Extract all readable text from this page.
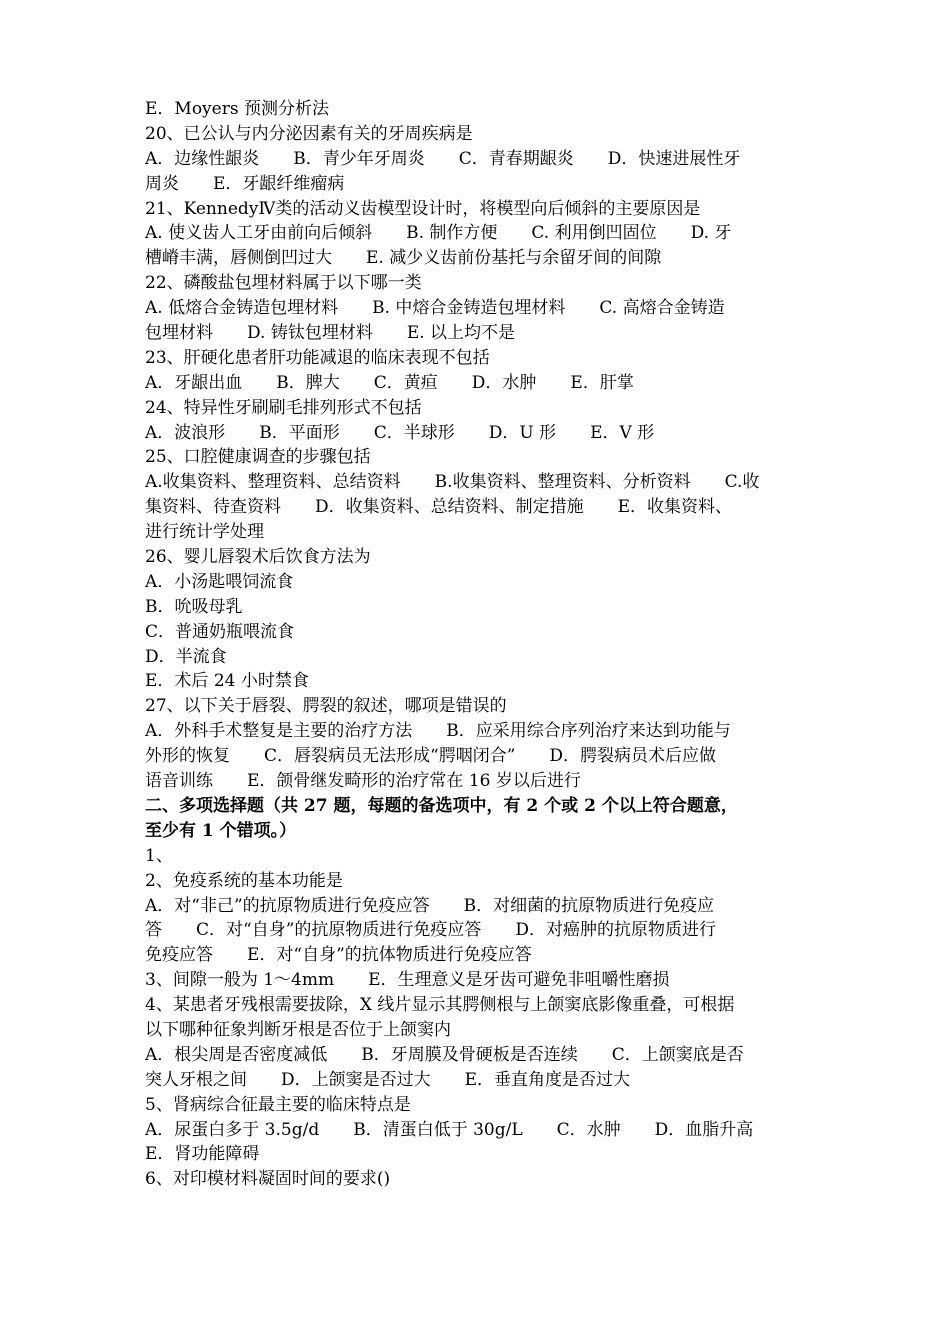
E．Moyers 预测分析法
20、已公认与内分泌因素有关的牙周疾病是
A．边缘性龈炎　　B．青少年牙周炎　　C．青春期龈炎　　D．快速进展性牙
周炎　　E．牙龈纤维瘤病
21、KennedyⅣ类的活动义齿模型设计时，将模型向后倾斜的主要原因是
A. 使义齿人工牙由前向后倾斜　　B. 制作方便　　C. 利用倒凹固位　　D. 牙
槽嵴丰满，唇侧倒凹过大　　E. 减少义齿前份基托与余留牙间的间隙
22、磷酸盐包埋材料属于以下哪一类
A. 低熔合金铸造包埋材料　　B. 中熔合金铸造包埋材料　　C. 高熔合金铸造
包埋材料　　D. 铸钛包埋材料　　E. 以上均不是
23、肝硬化患者肝功能减退的临床表现不包括
A．牙龈出血　　B．脾大　　C．黄疸　　D．水肿　　E．肝掌
24、特异性牙刷刷毛排列形式不包括
A．波浪形　　B．平面形　　C．半球形　　D．U 形　　E．V 形
25、口腔健康调查的步骤包括
A.收集资料、整理资料、总结资料　　B.收集资料、整理资料、分析资料　　C.收
集资料、待查资料　　D．收集资料、总结资料、制定措施　　E．收集资料、
进行统计学处理
26、婴儿唇裂术后饮食方法为
A．小汤匙喂饲流食
B．吮吸母乳
C．普通奶瓶喂流食
D．半流食
E．术后 24 小时禁食
27、以下关于唇裂、腭裂的叙述，哪项是错误的
A．外科手术整复是主要的治疗方法　　B．应采用综合序列治疗来达到功能与
外形的恢复　　C．唇裂病员无法形成“腭咽闭合”　　D．腭裂病员术后应做
语音训练　　E．颌骨继发畸形的治疗常在 16 岁以后进行
二、多项选择题（共 27 题，每题的备选项中，有 2 个或 2 个以上符合题意，
至少有 1 个错项。）
1、
2、免疫系统的基本功能是
A．对“非己”的抗原物质进行免疫应答　　B．对细菌的抗原物质进行免疫应
答　　C．对“自身”的抗原物质进行免疫应答　　D．对癌肿的抗原物质进行
免疫应答　　E．对“自身”的抗体物质进行免疫应答
3、间隙一般为 1～4mm　　E．生理意义是牙齿可避免非咀嚼性磨损
4、某患者牙残根需要拔除，X 线片显示其腭侧根与上颌窦底影像重叠，可根据
以下哪种征象判断牙根是否位于上颌窦内
A．根尖周是否密度减低　　B．牙周膜及骨硬板是否连续　　C．上颌窦底是否
突人牙根之间　　D．上颌窦是否过大　　E．垂直角度是否过大
5、肾病综合征最主要的临床特点是
A．尿蛋白多于 3.5g/d　　B．清蛋白低于 30g/L　　C．水肿　　D．血脂升高
E．肾功能障碍
6、对印模材料凝固时间的要求()
